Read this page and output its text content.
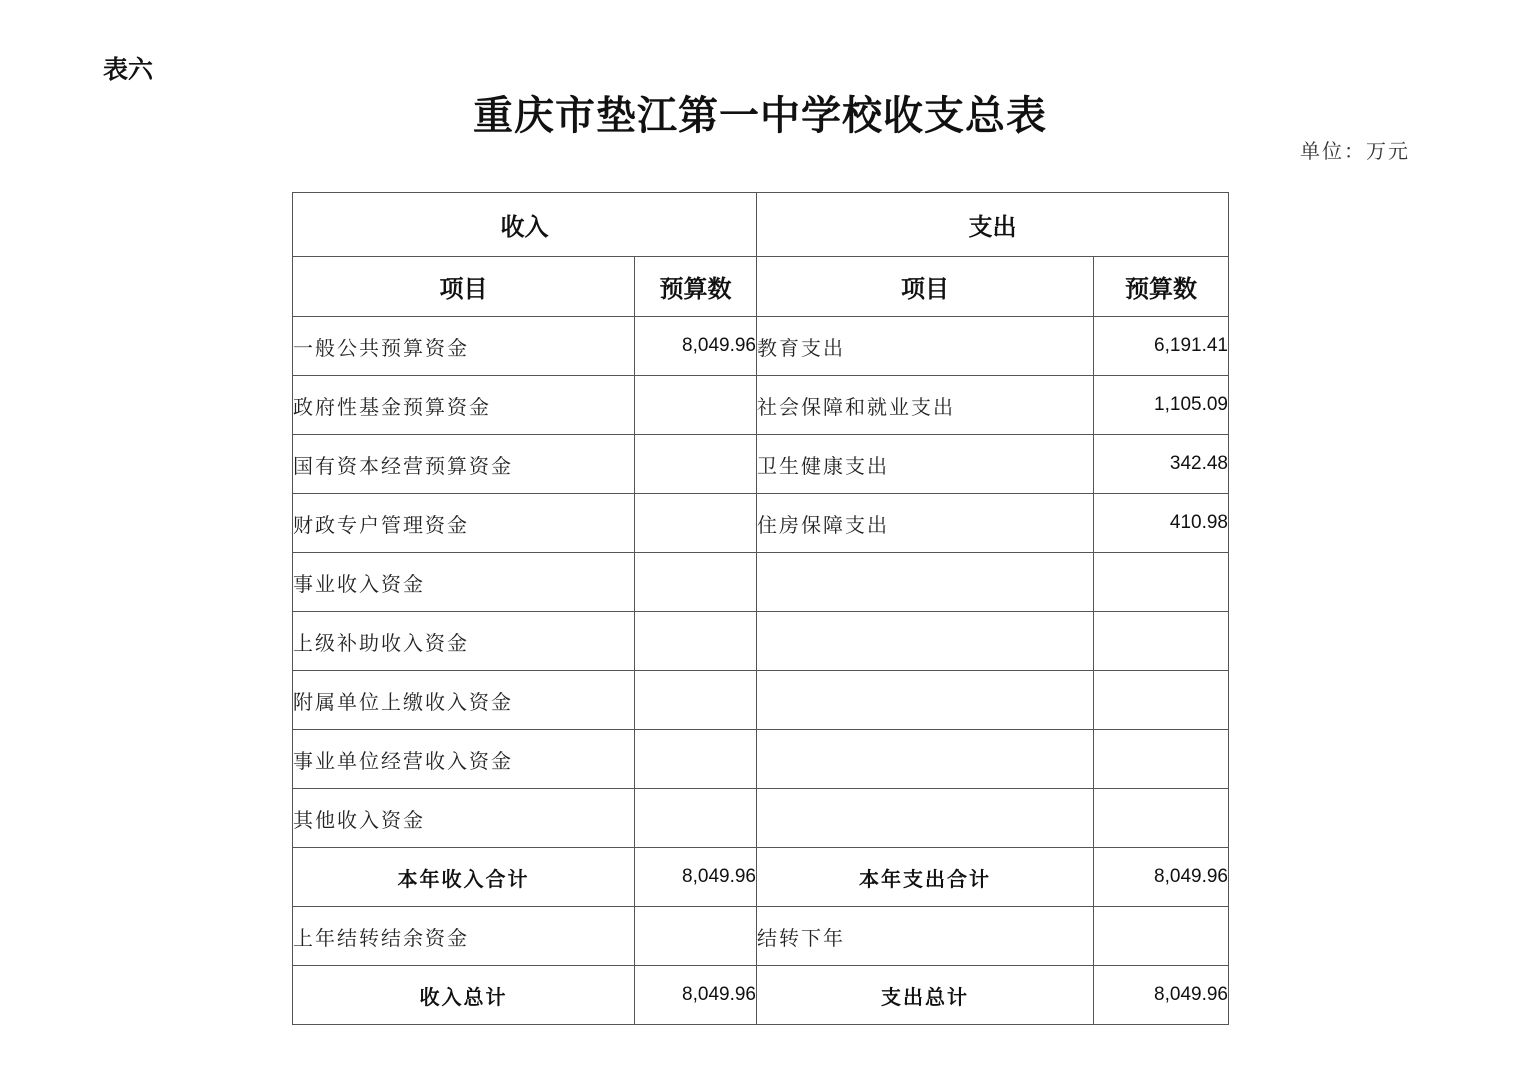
表六
重庆市垫江第一中学校收支总表
单位：万元
收入		支出	
项目	预算数	项目	预算数
一般公共预算资金	8,049.96	教育支出	6,191.41
政府性基金预算资金		社会保障和就业支出	1,105.09
国有资本经营预算资金		卫生健康支出	342.48
财政专户管理资金		住房保障支出	410.98
事业收入资金			
上级补助收入资金			
附属单位上缴收入资金			
事业单位经营收入资金			
其他收入资金			
本年收入合计	8,049.96	本年支出合计	8,049.96
上年结转结余资金		结转下年	
收入总计	8,049.96	支出总计	8,049.96
